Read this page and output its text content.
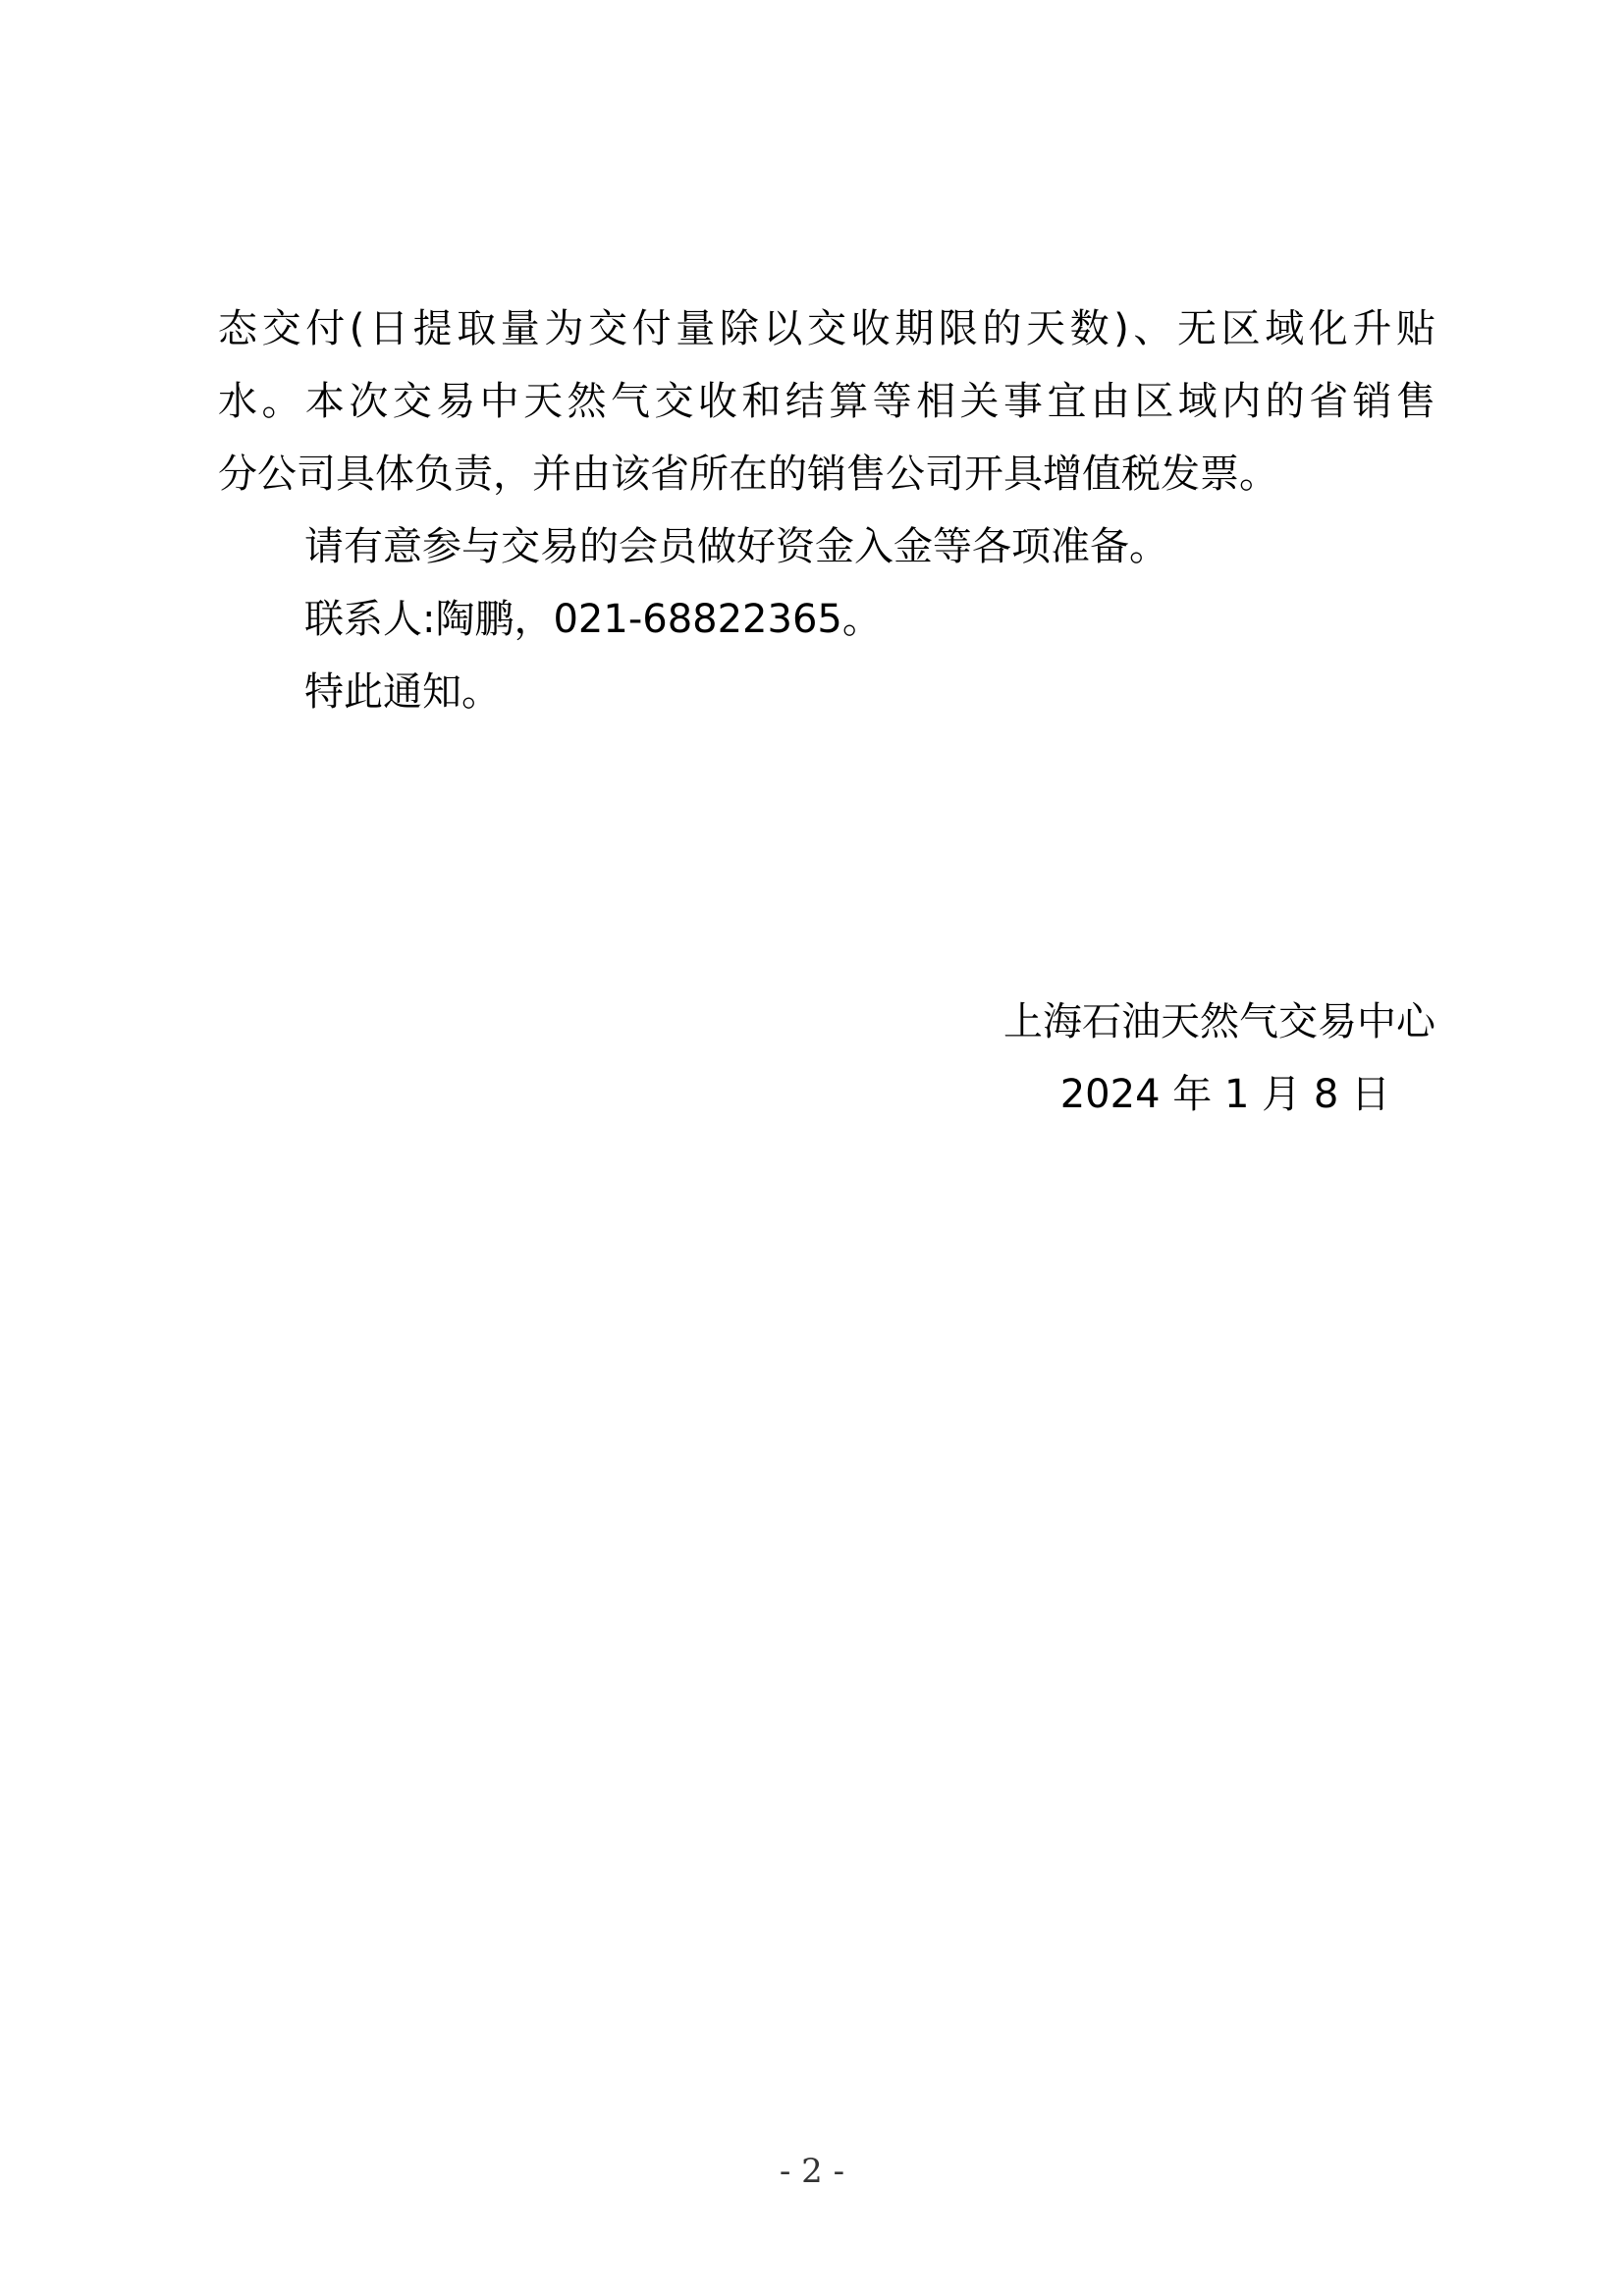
态交付(日提取量为交付量除以交收期限的天数)、无区域化升贴
水。本次交易中天然气交收和结算等相关事宜由区域内的省销售
分公司具体负责，并由该省所在的销售公司开具增值税发票。
请有意参与交易的会员做好资金入金等各项准备。
联系人:陶鹏，021-68822365。
特此通知。
上海石油天然气交易中心
2024 年 1 月 8 日
- 2 -
